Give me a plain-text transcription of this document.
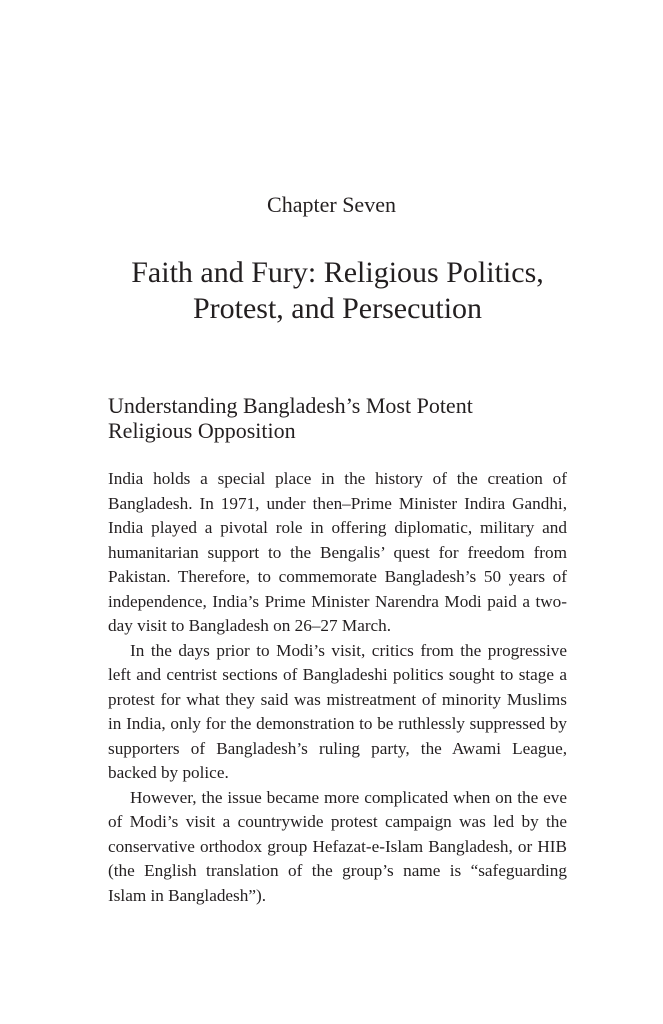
Chapter Seven
Faith and Fury: Religious Politics,
Protest, and Persecution
Understanding Bangladesh’s Most Potent
Religious Opposition

India holds a special place in the history of the creation of Bangladesh. In 1971, under then–Prime Minister Indira Gandhi, India played a pivotal role in offering diplomatic, military and humanitarian support to the Bengalis’ quest for freedom from Pakistan. Therefore, to commemorate Bangladesh’s 50 years of independence, India’s Prime Minister Narendra Modi paid a two-day visit to Bangladesh on 26–27 March.

In the days prior to Modi’s visit, critics from the progressive left and centrist sections of Bangladeshi politics sought to stage a protest for what they said was mistreatment of minority Muslims in India, only for the demonstration to be ruthlessly suppressed by supporters of Bangladesh’s ruling party, the Awami League, backed by police.

However, the issue became more complicated when on the eve of Modi’s visit a countrywide protest campaign was led by the conservative orthodox group Hefazat-e-Islam Bangladesh, or HIB (the English translation of the group’s name is “safeguarding Islam in Bangladesh”).
